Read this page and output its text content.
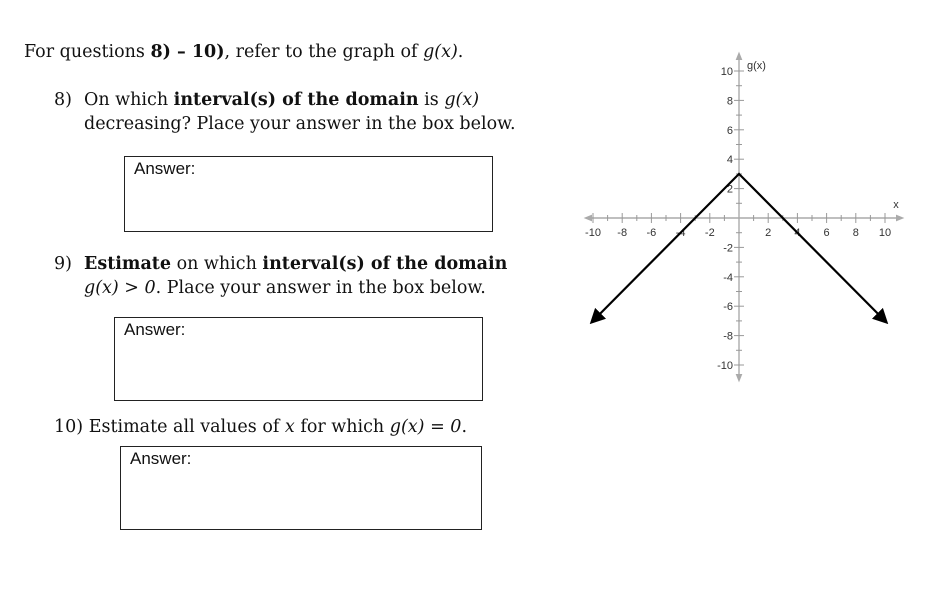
For questions 8) – 10), refer to the graph of g(x).
8) On which interval(s) of the domain is g(x)
decreasing? Place your answer in the box below.
Answer:
9) Estimate on which interval(s) of the domain
g(x) > 0. Place your answer in the box below.
Answer:
10) Estimate all values of x for which g(x) = 0.
Answer:
-10 -8 -6 -4 -2	2 4 6 8 10
10
8
6
4
2
-2
-4
-6
-8
-10
g(x)
x
